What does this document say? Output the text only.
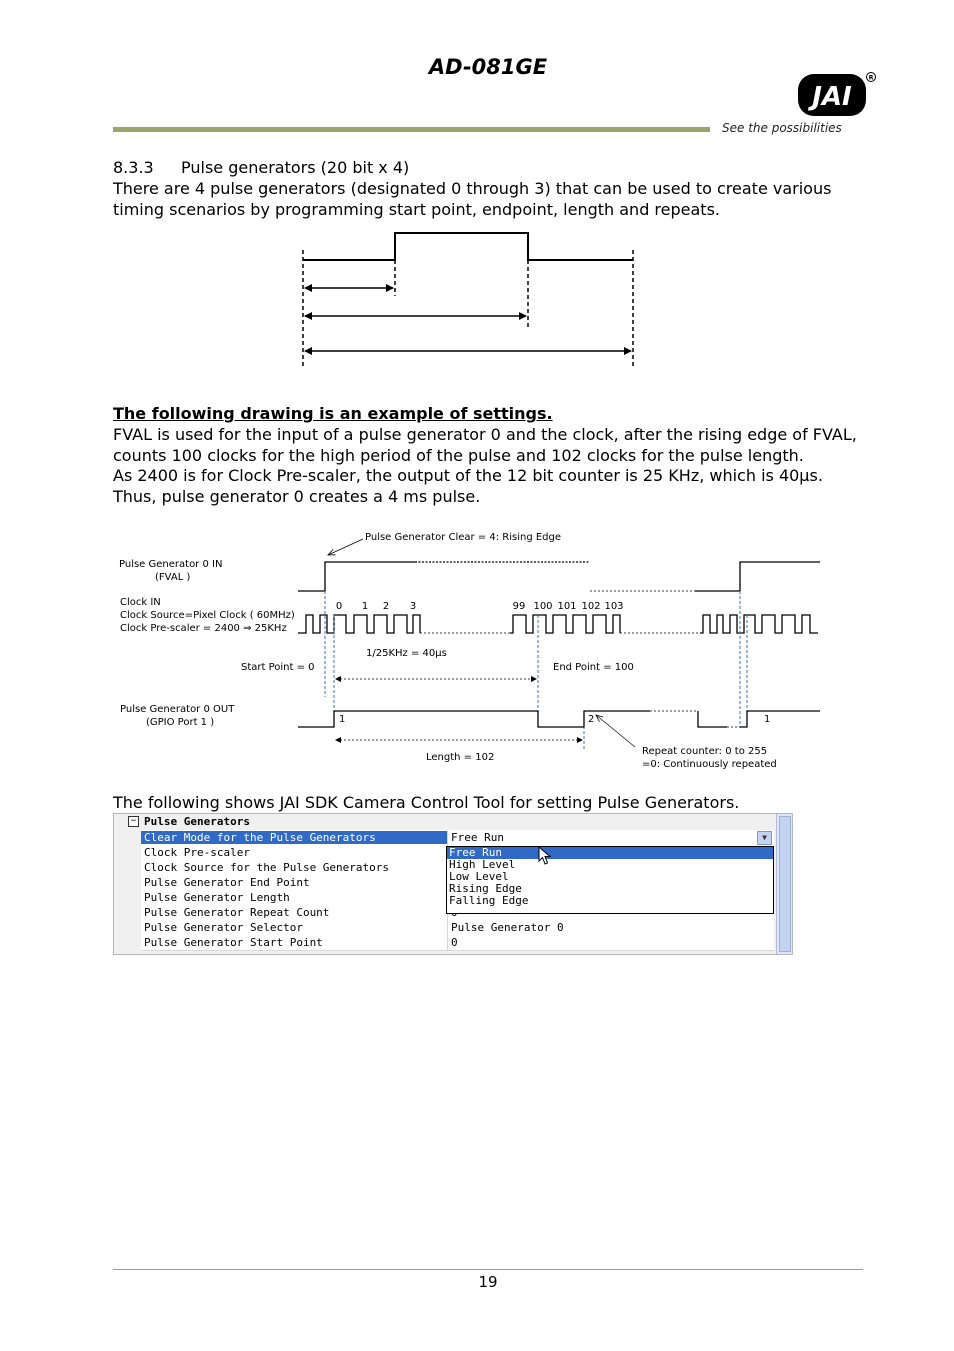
AD-081GE
JAI
R
See the possibilities
8.3.3 Pulse generators (20 bit x 4)
There are 4 pulse generators (designated 0 through 3) that can be used to create various timing scenarios by programming start point, endpoint, length and repeats.
The following drawing is an example of settings.
FVAL is used for the input of a pulse generator 0 and the clock, after the rising edge of FVAL,
counts 100 clocks for the high period of the pulse and 102 clocks for the pulse length.
As 2400 is for Clock Pre-scaler, the output of the 12 bit counter is 25 KHz, which is 40µs.
Thus, pulse generator 0 creates a 4 ms pulse.
Pulse Generator Clear = 4: Rising Edge
Pulse Generator 0 IN
(FVAL )
Clock IN
Clock Source=Pixel Clock ( 60MHz)
Clock Pre-scaler = 2400 ⇒ 25KHz
0 1 2 3	99 100 101 102 103
1/25KHz = 40µs
Start Point = 0	End Point = 100
Pulse Generator 0 OUT
(GPIO Port 1 )	1	2	1
Length = 102
Repeat counter: 0 to 255
=0: Continuously repeated
The following shows JAI SDK Camera Control Tool for setting Pulse Generators.
− Pulse Generators
Clear Mode for the Pulse Generators	Free Run	▼
Clock Pre-scaler
Clock Source for the Pulse Generators
Pulse Generator End Point
Pulse Generator Length
Pulse Generator Repeat Count
Pulse Generator Selector	Pulse Generator 0
Pulse Generator Start Point	0
Free Run
High Level
Low Level
Rising Edge
Falling Edge
19
